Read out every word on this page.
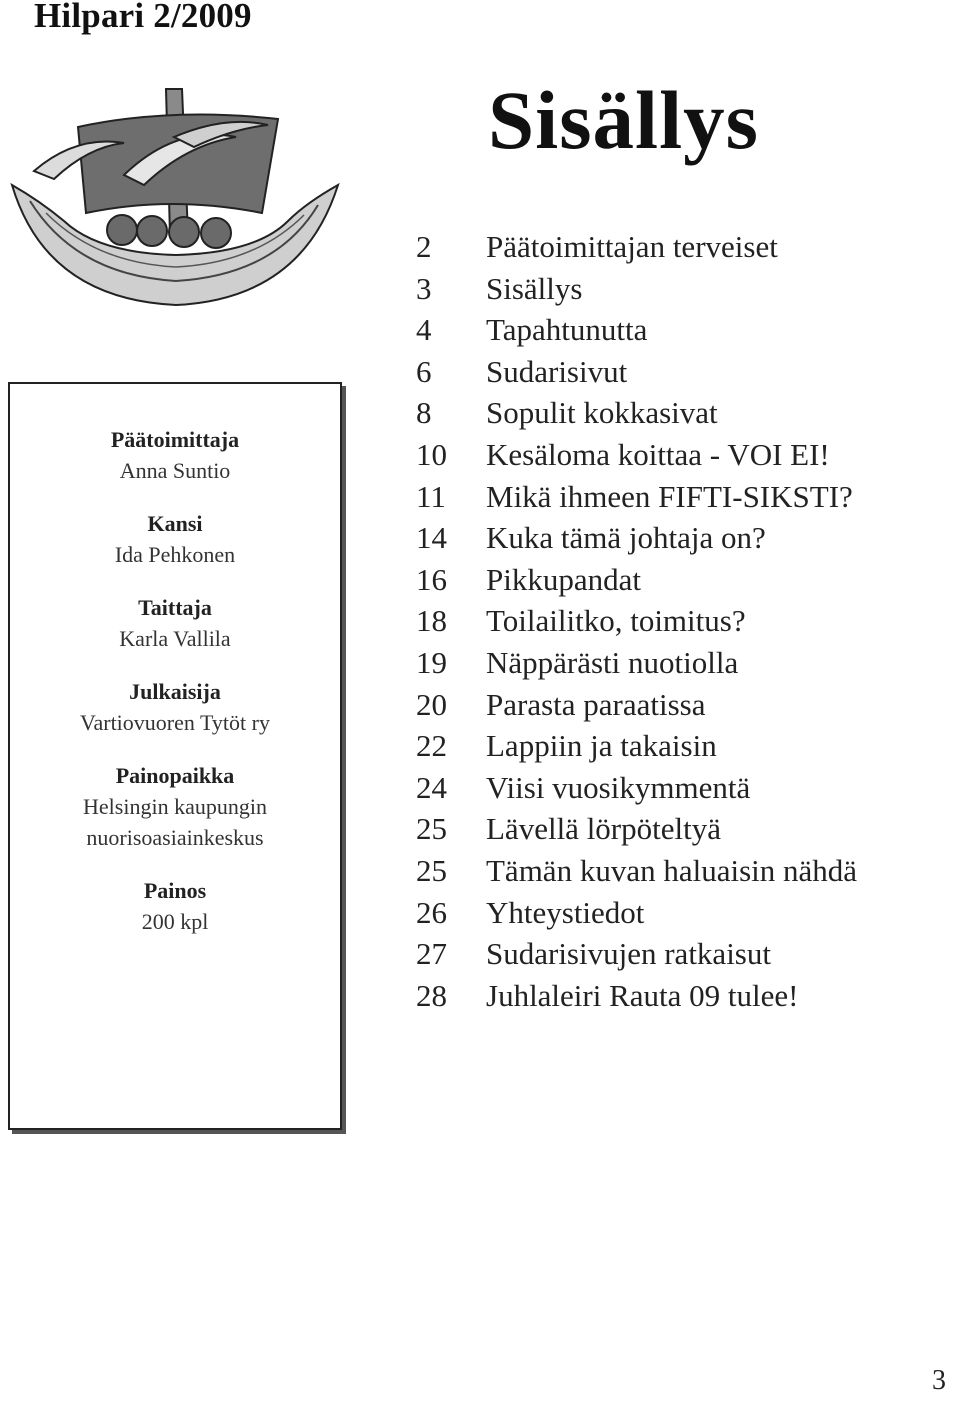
Hilpari 2/2009
Sisällys
2	Päätoimittajan terveiset
3	Sisällys
4	Tapahtunutta
6	Sudarisivut
8	Sopulit kokkasivat
10	Kesäloma koittaa - VOI EI!
11	Mikä ihmeen FIFTI-SIKSTI?
14	Kuka tämä johtaja on?
16	Pikkupandat
18	Toilailitko, toimitus?
19	Näppärästi nuotiolla
20	Parasta paraatissa
22	Lappiin ja takaisin
24	Viisi vuosikymmentä
25	Lävellä lörpöteltyä
25	Tämän kuvan haluaisin nähdä
26	Yhteystiedot
27	Sudarisivujen ratkaisut
28	Juhlaleiri Rauta 09 tulee!
Päätoimittaja
Anna Suntio
Kansi
Ida Pehkonen
Taittaja
Karla Vallila
Julkaisija
Vartiovuoren Tytöt ry
Painopaikka
Helsingin kaupungin
nuorisoasiainkeskus
Painos
200 kpl
3
